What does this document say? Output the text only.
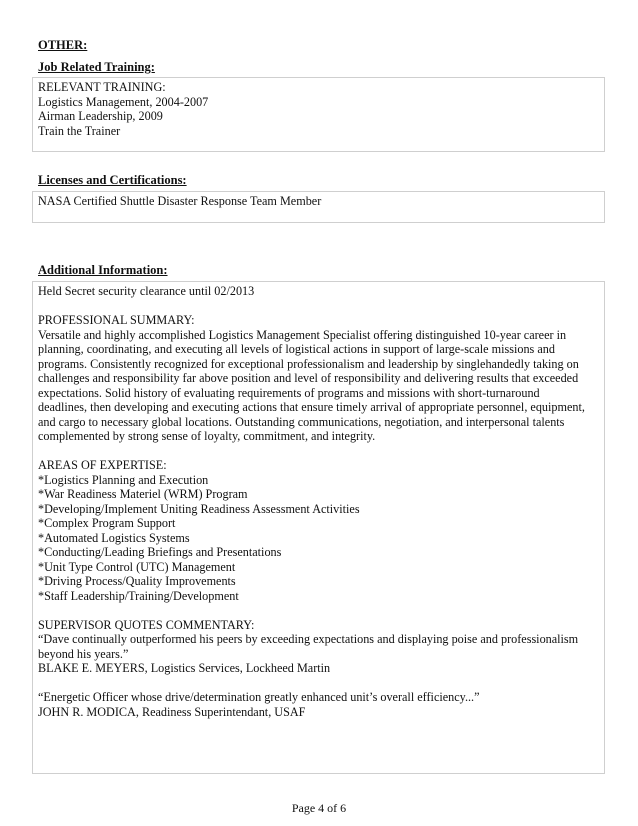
OTHER:
Job Related Training:
RELEVANT TRAINING:
Logistics Management, 2004-2007
Airman Leadership, 2009
Train the Trainer
Licenses and Certifications:
NASA Certified Shuttle Disaster Response Team Member
Additional Information:
Held Secret security clearance until 02/2013
PROFESSIONAL SUMMARY:
Versatile and highly accomplished Logistics Management Specialist offering distinguished 10-year career in
planning, coordinating, and executing all levels of logistical actions in support of large-scale missions and
programs. Consistently recognized for exceptional professionalism and leadership by singlehandedly taking on
challenges and responsibility far above position and level of responsibility and delivering results that exceeded
expectations. Solid history of evaluating requirements of programs and missions with short-turnaround
deadlines, then developing and executing actions that ensure timely arrival of appropriate personnel, equipment,
and cargo to necessary global locations. Outstanding communications, negotiation, and interpersonal talents
complemented by strong sense of loyalty, commitment, and integrity.
AREAS OF EXPERTISE:
*Logistics Planning and Execution
*War Readiness Materiel (WRM) Program
*Developing/Implement Uniting Readiness Assessment Activities
*Complex Program Support
*Automated Logistics Systems
*Conducting/Leading Briefings and Presentations
*Unit Type Control (UTC) Management
*Driving Process/Quality Improvements
*Staff Leadership/Training/Development
SUPERVISOR QUOTES COMMENTARY:
“Dave continually outperformed his peers by exceeding expectations and displaying poise and professionalism
beyond his years.”
BLAKE E. MEYERS, Logistics Services, Lockheed Martin
“Energetic Officer whose drive/determination greatly enhanced unit’s overall efficiency...”
JOHN R. MODICA, Readiness Superintendant, USAF
Page 4 of 6
